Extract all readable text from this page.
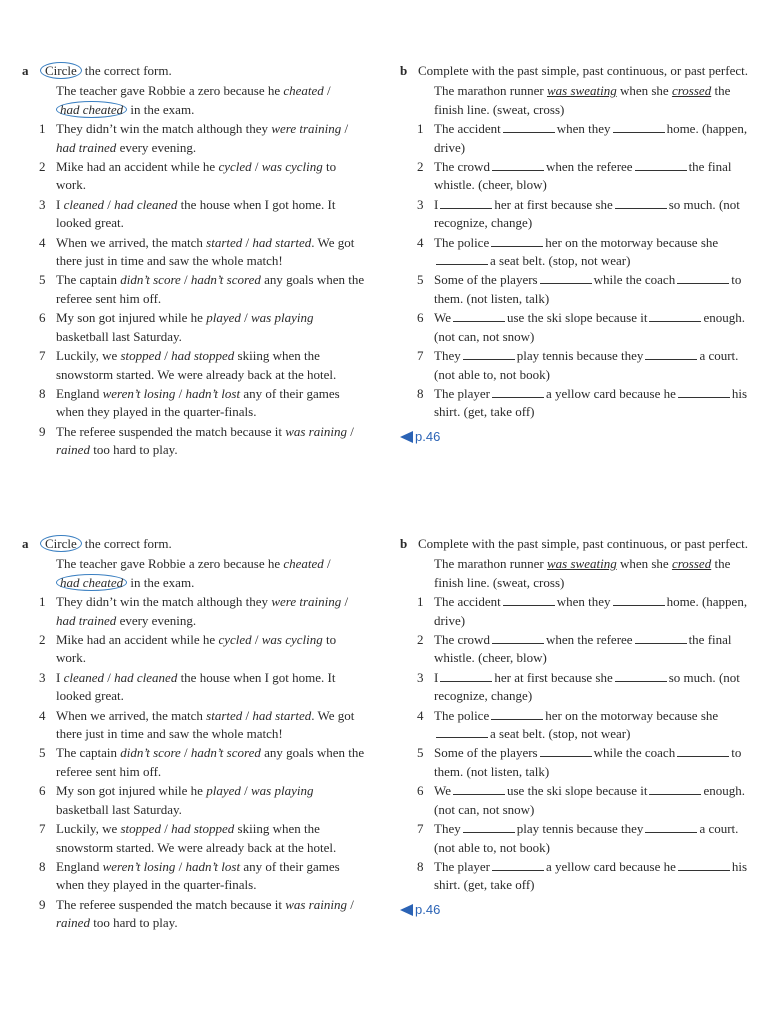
a Circle the correct form.
The teacher gave Robbie a zero because he cheated / had cheated in the exam.
1 They didn’t win the match although they were training / had trained every evening.
2 Mike had an accident while he cycled / was cycling to work.
3 I cleaned / had cleaned the house when I got home. It looked great.
4 When we arrived, the match started / had started. We got there just in time and saw the whole match!
5 The captain didn’t score / hadn’t scored any goals when the referee sent him off.
6 My son got injured while he played / was playing basketball last Saturday.
7 Luckily, we stopped / had stopped skiing when the snowstorm started. We were already back at the hotel.
8 England weren’t losing / hadn’t lost any of their games when they played in the quarter-finals.
9 The referee suspended the match because it was raining / rained too hard to play.
b Complete with the past simple, past continuous, or past perfect.
The marathon runner was sweating when she crossed the finish line. (sweat, cross)
1 The accident	when they	home. (happen, drive)
2 The crowd	when the referee	the final whistle. (cheer, blow)
3 I	her at first because she	so much. (not recognize, change)
4 The police	her on the motorway because shea seat belt. (stop, not wear)
5 Some of the players	while the coach	to them. (not listen, talk)
6 We	use the ski slope because it	enough. (not can, not snow)
7 They	play tennis because they	a court. (not able to, not book)
8 The player	a yellow card because he	his shirt. (get, take off)
p.46
a Circle the correct form.
The teacher gave Robbie a zero because he cheated / had cheated in the exam.
1 They didn’t win the match although they were training / had trained every evening.
2 Mike had an accident while he cycled / was cycling to work.
3 I cleaned / had cleaned the house when I got home. It looked great.
4 When we arrived, the match started / had started. We got there just in time and saw the whole match!
5 The captain didn’t score / hadn’t scored any goals when the referee sent him off.
6 My son got injured while he played / was playing basketball last Saturday.
7 Luckily, we stopped / had stopped skiing when the snowstorm started. We were already back at the hotel.
8 England weren’t losing / hadn’t lost any of their games when they played in the quarter-finals.
9 The referee suspended the match because it was raining / rained too hard to play.
b Complete with the past simple, past continuous, or past perfect.
The marathon runner was sweating when she crossed the finish line. (sweat, cross)
1 The accident	when they	home. (happen, drive)
2 The crowd	when the referee	the final whistle. (cheer, blow)
3 I	her at first because she	so much. (not recognize, change)
4 The police	her on the motorway because shea seat belt. (stop, not wear)
5 Some of the players	while the coach	to them. (not listen, talk)
6 We	use the ski slope because it	enough. (not can, not snow)
7 They	play tennis because they	a court. (not able to, not book)
8 The player	a yellow card because he	his shirt. (get, take off)
p.46
